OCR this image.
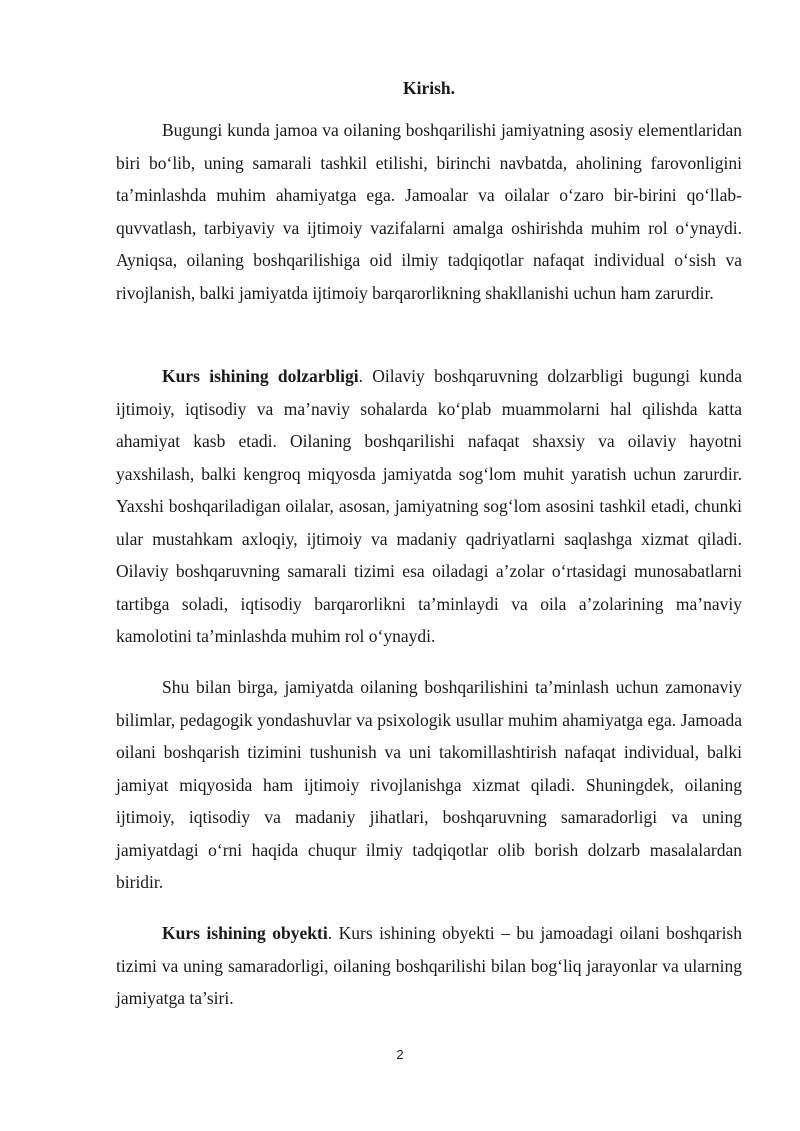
Kirish.

Bugungi kunda jamoa va oilaning boshqarilishi jamiyatning asosiy elementlaridan biri bo‘lib, uning samarali tashkil etilishi, birinchi navbatda, aholining farovonligini ta’minlashda muhim ahamiyatga ega. Jamoalar va oilalar o‘zaro bir-birini qo‘llab-quvvatlash, tarbiyaviy va ijtimoiy vazifalarni amalga oshirishda muhim rol o‘ynaydi. Ayniqsa, oilaning boshqarilishiga oid ilmiy tadqiqotlar nafaqat individual o‘sish va rivojlanish, balki jamiyatda ijtimoiy barqarorlikning shakllanishi uchun ham zarurdir.

Kurs ishining dolzarbligi. Oilaviy boshqaruvning dolzarbligi bugungi kunda ijtimoiy, iqtisodiy va ma’naviy sohalarda ko‘plab muammolarni hal qilishda katta ahamiyat kasb etadi. Oilaning boshqarilishi nafaqat shaxsiy va oilaviy hayotni yaxshilash, balki kengroq miqyosda jamiyatda sog‘lom muhit yaratish uchun zarurdir. Yaxshi boshqariladigan oilalar, asosan, jamiyatning sog‘lom asosini tashkil etadi, chunki ular mustahkam axloqiy, ijtimoiy va madaniy qadriyatlarni saqlashga xizmat qiladi. Oilaviy boshqaruvning samarali tizimi esa oiladagi a’zolar o‘rtasidagi munosabatlarni tartibga soladi, iqtisodiy barqarorlikni ta’minlaydi va oila a’zolarining ma’naviy kamolotini ta’minlashda muhim rol o‘ynaydi.

Shu bilan birga, jamiyatda oilaning boshqarilishini ta’minlash uchun zamonaviy bilimlar, pedagogik yondashuvlar va psixologik usullar muhim ahamiyatga ega. Jamoada oilani boshqarish tizimini tushunish va uni takomillashtirish nafaqat individual, balki jamiyat miqyosida ham ijtimoiy rivojlanishga xizmat qiladi. Shuningdek, oilaning ijtimoiy, iqtisodiy va madaniy jihatlari, boshqaruvning samaradorligi va uning jamiyatdagi o‘rni haqida chuqur ilmiy tadqiqotlar olib borish dolzarb masalalardan biridir.

Kurs ishining obyekti. Kurs ishining obyekti – bu jamoadagi oilani boshqarish tizimi va uning samaradorligi, oilaning boshqarilishi bilan bog‘liq jarayonlar va ularning jamiyatga ta’siri.

2
